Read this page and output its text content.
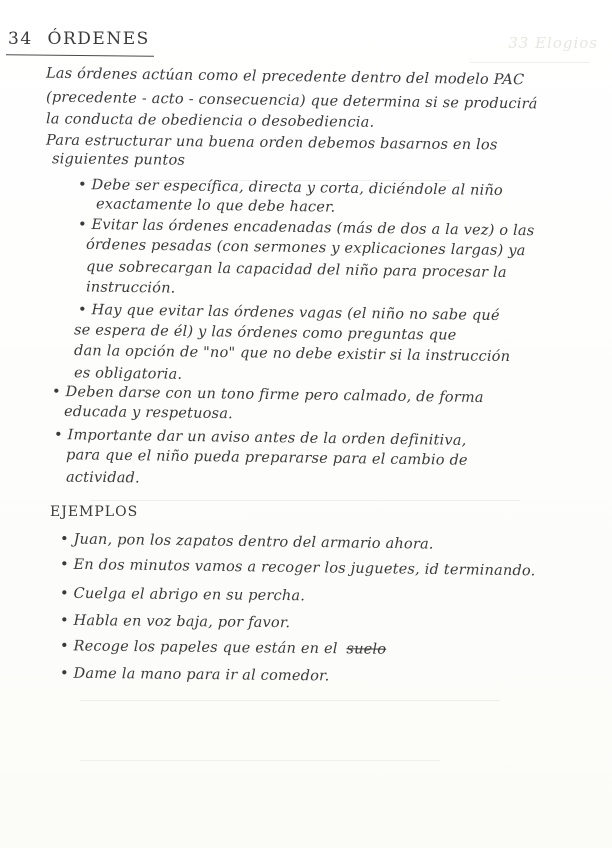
33 Elogios
34 ÓRDENES
Las órdenes actúan como el precedente dentro del modelo PAC
(precedente - acto - consecuencia) que determina si se producirá
la conducta de obediencia o desobediencia.
Para estructurar una buena orden debemos basarnos en los
siguientes puntos
• Debe ser específica, directa y corta, diciéndole al niño
exactamente lo que debe hacer.
• Evitar las órdenes encadenadas (más de dos a la vez) o las
órdenes pesadas (con sermones y explicaciones largas) ya
que sobrecargan la capacidad del niño para procesar la
instrucción.
• Hay que evitar las órdenes vagas (el niño no sabe qué
se espera de él) y las órdenes como preguntas que
dan la opción de "no" que no debe existir si la instrucción
es obligatoria.
• Deben darse con un tono firme pero calmado, de forma
educada y respetuosa.
• Importante dar un aviso antes de la orden definitiva,
para que el niño pueda prepararse para el cambio de
actividad.
EJEMPLOS
• Juan, pon los zapatos dentro del armario ahora.
• En dos minutos vamos a recoger los juguetes, id terminando.
• Cuelga el abrigo en su percha.
• Habla en voz baja, por favor.
• Recoge los papeles que están en el suelo
• Dame la mano para ir al comedor.
